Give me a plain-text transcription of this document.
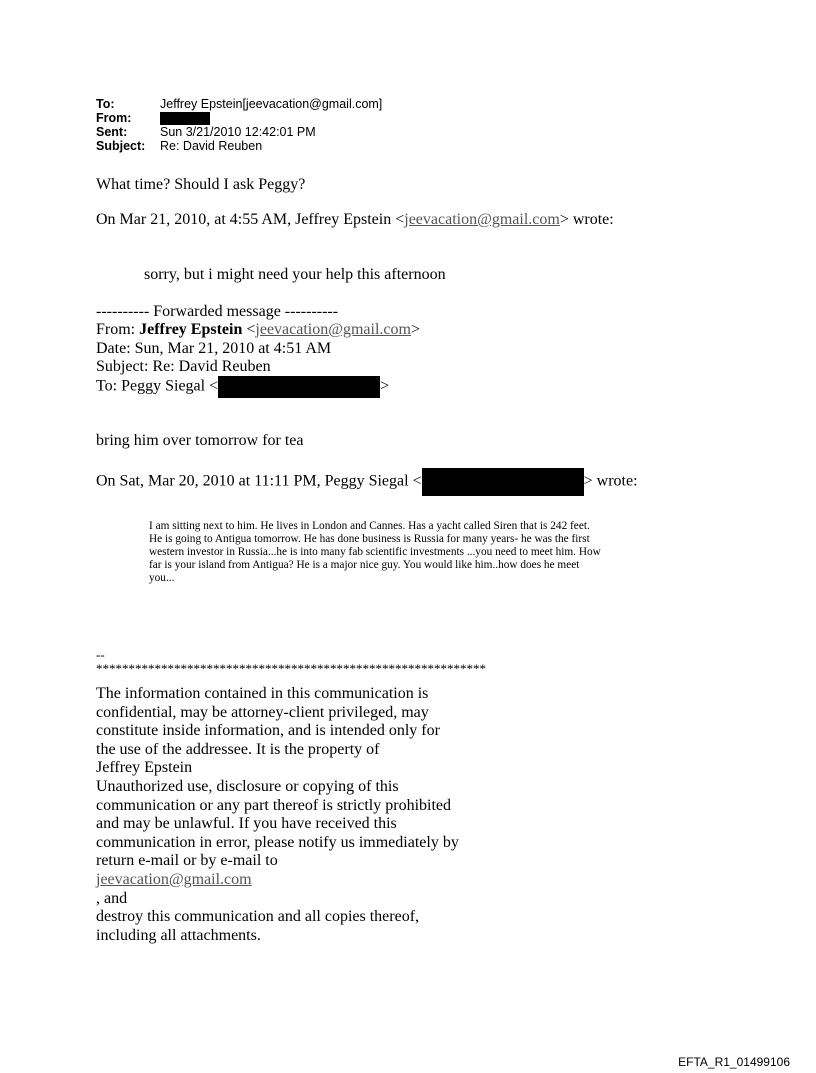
To:	Jeffrey Epstein[jeevacation@gmail.com]
From:
Sent:	Sun 3/21/2010 12:42:01 PM
Subject: Re: David Reuben
What time? Should I ask Peggy?
On Mar 21, 2010, at 4:55 AM, Jeffrey Epstein <jeevacation@gmail.com> wrote:
sorry, but i might need your help this afternoon
---------- Forwarded message ----------
From: Jeffrey Epstein <jeevacation@gmail.com>
Date: Sun, Mar 21, 2010 at 4:51 AM
Subject: Re: David Reuben
To: Peggy Siegal <	>
bring him over tomorrow for tea
On Sat, Mar 20, 2010 at 11:11 PM, Peggy Siegal <	> wrote:
I am sitting next to him. He lives in London and Cannes. Has a yacht called Siren that is 242 feet.
He is going to Antigua tomorrow. He has done business is Russia for many years- he was the first
western investor in Russia...he is into many fab scientific investments ...you need to meet him. How
far is your island from Antigua? He is a major nice guy. You would like him..how does he meet
you...
--
************************************************************
The information contained in this communication is
confidential, may be attorney-client privileged, may
constitute inside information, and is intended only for
the use of the addressee. It is the property of
Jeffrey Epstein
Unauthorized use, disclosure or copying of this
communication or any part thereof is strictly prohibited
and may be unlawful. If you have received this
communication in error, please notify us immediately by
return e-mail or by e-mail to
jeevacation@gmail.com
, and
destroy this communication and all copies thereof,
including all attachments.
EFTA_R1_01499106
